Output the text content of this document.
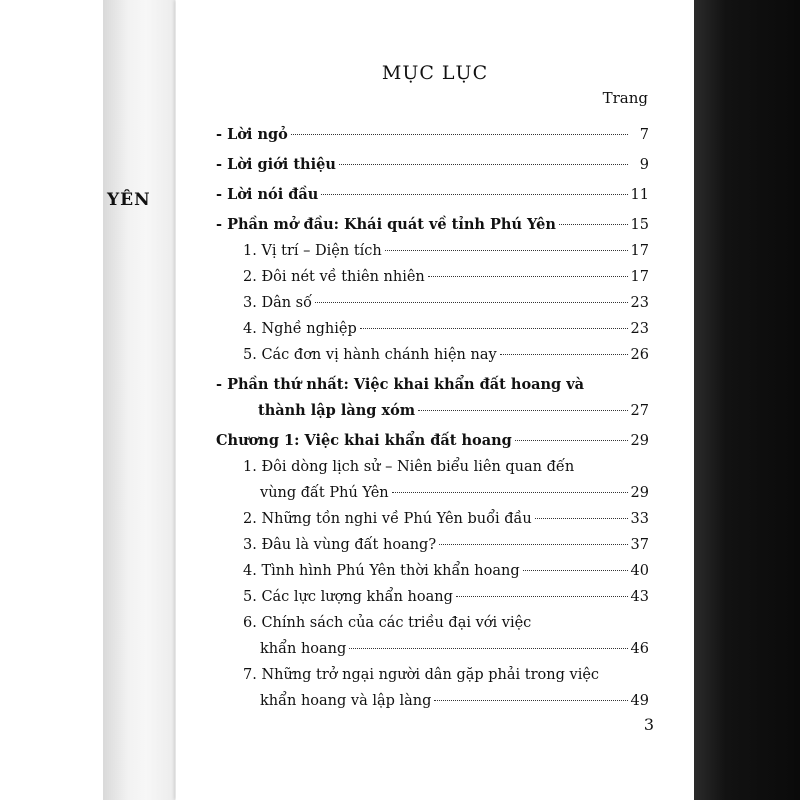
YÊN
MỤC LỤC
Trang
- Lời ngỏ	7
- Lời giới thiệu	9
- Lời nói đầu	11
- Phần mở đầu: Khái quát về tỉnh Phú Yên	15
1. Vị trí – Diện tích	17
2. Đôi nét về thiên nhiên	17
3. Dân số	23
4. Nghề nghiệp	23
5. Các đơn vị hành chánh hiện nay	26
- Phần thứ nhất: Việc khai khẩn đất hoang và
thành lập làng xóm	27
Chương 1: Việc khai khẩn đất hoang	29
1. Đôi dòng lịch sử – Niên biểu liên quan đến
vùng đất Phú Yên	29
2. Những tồn nghi về Phú Yên buổi đầu	33
3. Đâu là vùng đất hoang?	37
4. Tình hình Phú Yên thời khẩn hoang	40
5. Các lực lượng khẩn hoang	43
6. Chính sách của các triều đại với việc
khẩn hoang	46
7. Những trở ngại người dân gặp phải trong việc
khẩn hoang và lập làng	49
3
